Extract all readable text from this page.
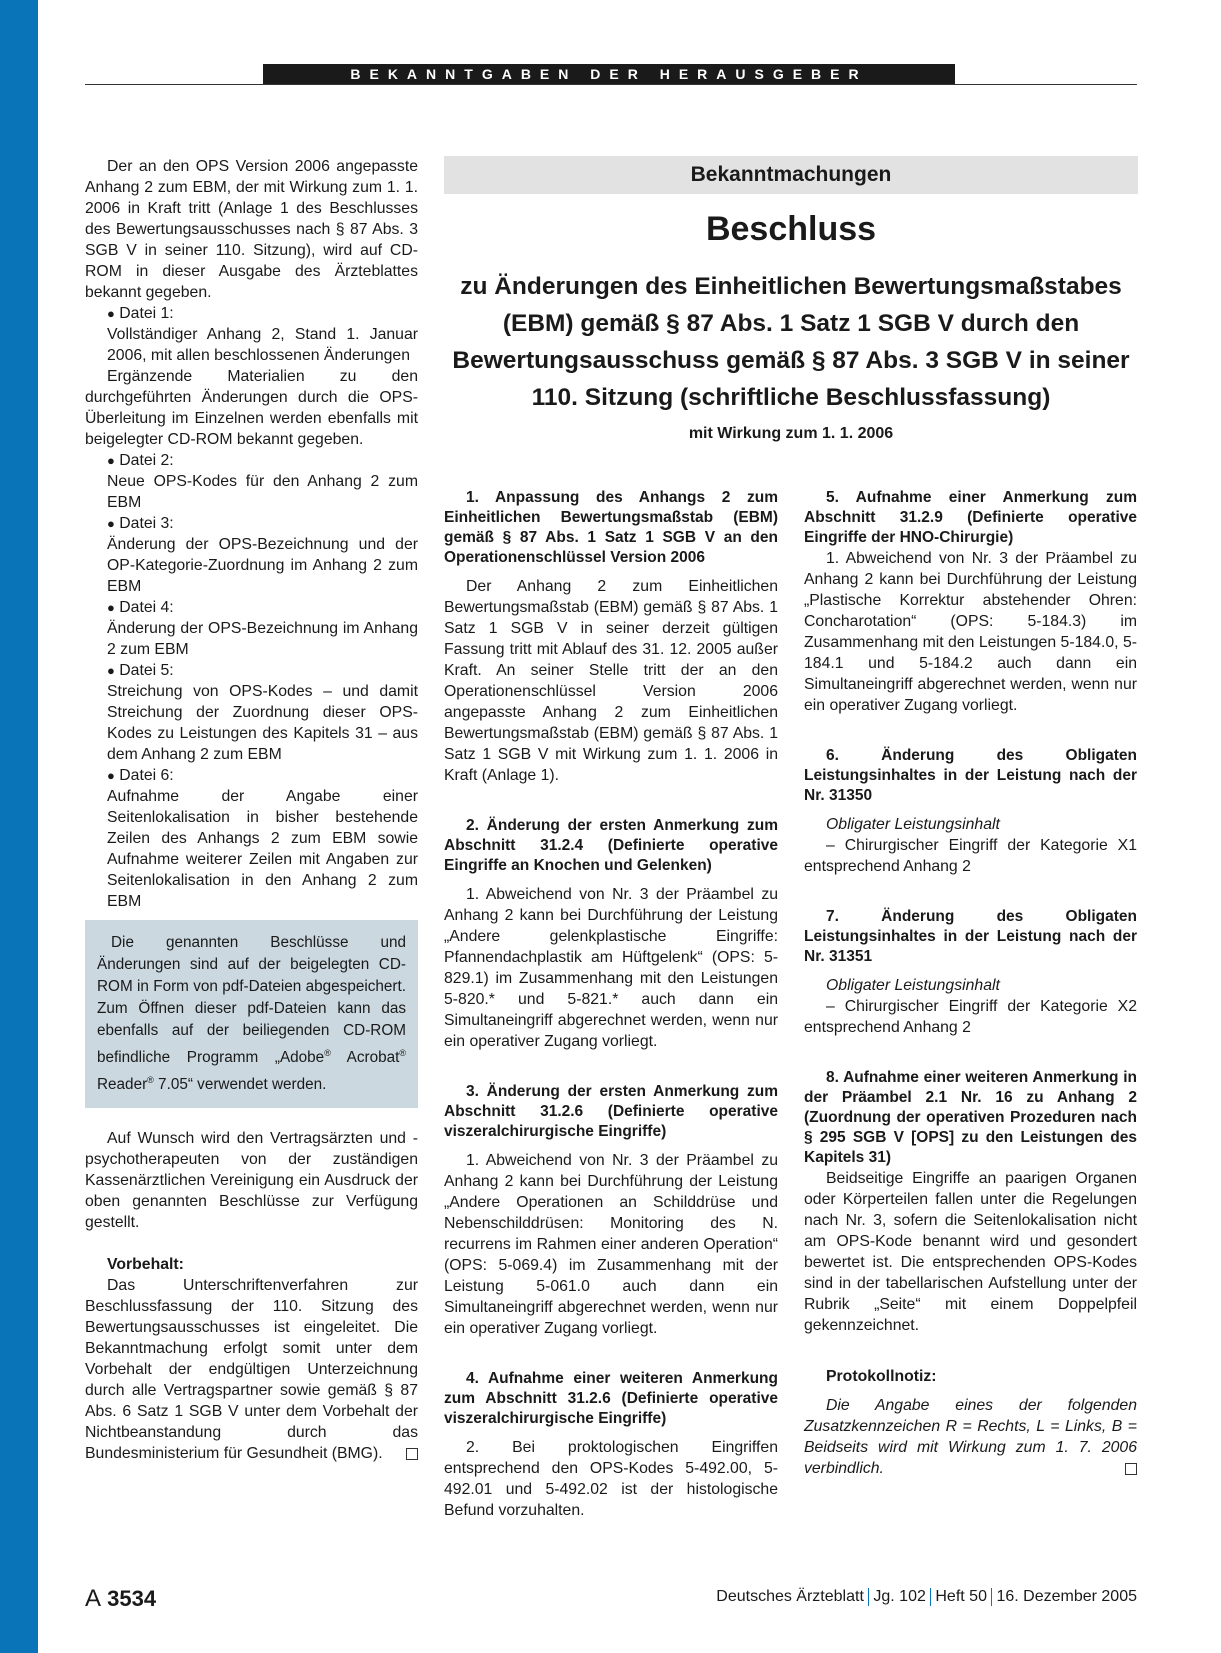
BEKANNTGABEN DER HERAUSGEBER

Der an den OPS Version 2006 angepasste Anhang 2 zum EBM, der mit Wirkung zum 1. 1. 2006 in Kraft tritt (Anlage 1 des Beschlusses des Bewertungsausschusses nach § 87 Abs. 3 SGB V in seiner 110. Sitzung), wird auf CD-ROM in dieser Ausgabe des Ärzteblattes bekannt gegeben.

● Datei 1:

Vollständiger Anhang 2, Stand 1. Januar 2006, mit allen beschlossenen Änderungen

Ergänzende Materialien zu den durchgeführten Änderungen durch die OPS-Überleitung im Einzelnen werden ebenfalls mit beigelegter CD-ROM bekannt gegeben.

● Datei 2:

Neue OPS-Kodes für den Anhang 2 zum EBM

● Datei 3:

Änderung der OPS-Bezeichnung und der OP-Kategorie-Zuordnung im Anhang 2 zum EBM

● Datei 4:

Änderung der OPS-Bezeichnung im Anhang 2 zum EBM

● Datei 5:

Streichung von OPS-Kodes – und damit Streichung der Zuordnung dieser OPS-Kodes zu Leistungen des Kapitels 31 – aus dem Anhang 2 zum EBM

● Datei 6:

Aufnahme der Angabe einer Seitenlokalisation in bisher bestehende Zeilen des Anhangs 2 zum EBM sowie Aufnahme weiterer Zeilen mit Angaben zur Seitenlokalisation in den Anhang 2 zum EBM

Die genannten Beschlüsse und Änderungen sind auf der beigelegten CD-ROM in Form von pdf-Dateien abgespeichert. Zum Öffnen dieser pdf-Dateien kann das ebenfalls auf der beiliegenden CD-ROM befindliche Programm „Adobe® Acrobat® Reader® 7.05“ verwendet werden.

Auf Wunsch wird den Vertragsärzten und -psychotherapeuten von der zuständigen Kassenärztlichen Vereinigung ein Ausdruck der oben genannten Beschlüsse zur Verfügung gestellt.

Vorbehalt:

Das Unterschriftenverfahren zur Beschlussfassung der 110. Sitzung des Bewertungsausschusses ist eingeleitet. Die Bekanntmachung erfolgt somit unter dem Vorbehalt der endgültigen Unterzeichnung durch alle Vertragspartner sowie gemäß § 87 Abs. 6 Satz 1 SGB V unter dem Vorbehalt der Nichtbeanstandung durch das Bundesministerium für Gesundheit (BMG).

Bekanntmachungen
Beschluss
zu Änderungen des Einheitlichen Bewertungsmaßstabes
(EBM) gemäß § 87 Abs. 1 Satz 1 SGB V durch den
Bewertungsausschuss gemäß § 87 Abs. 3 SGB V in seiner
110. Sitzung (schriftliche Beschlussfassung)
mit Wirkung zum 1. 1. 2006

1. Anpassung des Anhangs 2 zum Einheitlichen Bewertungsmaßstab (EBM) gemäß § 87 Abs. 1 Satz 1 SGB V an den Operationenschlüssel Version 2006

Der Anhang 2 zum Einheitlichen Bewertungsmaßstab (EBM) gemäß § 87 Abs. 1 Satz 1 SGB V in seiner derzeit gültigen Fassung tritt mit Ablauf des 31. 12. 2005 außer Kraft. An seiner Stelle tritt der an den Operationenschlüssel Version 2006 angepasste Anhang 2 zum Einheitlichen Bewertungsmaßstab (EBM) gemäß § 87 Abs. 1 Satz 1 SGB V mit Wirkung zum 1. 1. 2006 in Kraft (Anlage 1).

2. Änderung der ersten Anmerkung zum Abschnitt 31.2.4 (Definierte operative Eingriffe an Knochen und Gelenken)

1. Abweichend von Nr. 3 der Präambel zu Anhang 2 kann bei Durchführung der Leistung „Andere gelenkplastische Eingriffe: Pfannendachplastik am Hüftgelenk“ (OPS: 5-829.1) im Zusammenhang mit den Leistungen 5-820.* und 5-821.* auch dann ein Simultaneingriff abgerechnet werden, wenn nur ein operativer Zugang vorliegt.

3. Änderung der ersten Anmerkung zum Abschnitt 31.2.6 (Definierte operative viszeralchirurgische Eingriffe)

1. Abweichend von Nr. 3 der Präambel zu Anhang 2 kann bei Durchführung der Leistung „Andere Operationen an Schilddrüse und Nebenschilddrüsen: Monitoring des N. recurrens im Rahmen einer anderen Operation“ (OPS: 5-069.4) im Zusammenhang mit der Leistung 5-061.0 auch dann ein Simultaneingriff abgerechnet werden, wenn nur ein operativer Zugang vorliegt.

4. Aufnahme einer weiteren Anmerkung zum Abschnitt 31.2.6 (Definierte operative viszeralchirurgische Eingriffe)

2. Bei proktologischen Eingriffen entsprechend den OPS-Kodes 5-492.00, 5-492.01 und 5-492.02 ist der histologische Befund vorzuhalten.

5. Aufnahme einer Anmerkung zum Abschnitt 31.2.9 (Definierte operative Eingriffe der HNO-Chirurgie)

1. Abweichend von Nr. 3 der Präambel zu Anhang 2 kann bei Durchführung der Leistung „Plastische Korrektur abstehender Ohren: Concharotation“ (OPS: 5-184.3) im Zusammenhang mit den Leistungen 5-184.0, 5-184.1 und 5-184.2 auch dann ein Simultaneingriff abgerechnet werden, wenn nur ein operativer Zugang vorliegt.

6. Änderung des Obligaten Leistungsinhaltes in der Leistung nach der Nr. 31350

Obligater Leistungsinhalt

– Chirurgischer Eingriff der Kategorie X1 entsprechend Anhang 2

7. Änderung des Obligaten Leistungsinhaltes in der Leistung nach der Nr. 31351

Obligater Leistungsinhalt

– Chirurgischer Eingriff der Kategorie X2 entsprechend Anhang 2

8. Aufnahme einer weiteren Anmerkung in der Präambel 2.1 Nr. 16 zu Anhang 2 (Zuordnung der operativen Prozeduren nach § 295 SGB V [OPS] zu den Leistungen des Kapitels 31)

Beidseitige Eingriffe an paarigen Organen oder Körperteilen fallen unter die Regelungen nach Nr. 3, sofern die Seitenlokalisation nicht am OPS-Kode benannt wird und gesondert bewertet ist. Die entsprechenden OPS-Kodes sind in der tabellarischen Aufstellung unter der Rubrik „Seite“ mit einem Doppelpfeil gekennzeichnet.

Protokollnotiz:

Die Angabe eines der folgenden Zusatzkennzeichen R = Rechts, L = Links, B = Beidseits wird mit Wirkung zum 1. 7. 2006 verbindlich.

A 3534	Deutsches Ärzteblatt Jg. 102 Heft 50 16. Dezember 2005
